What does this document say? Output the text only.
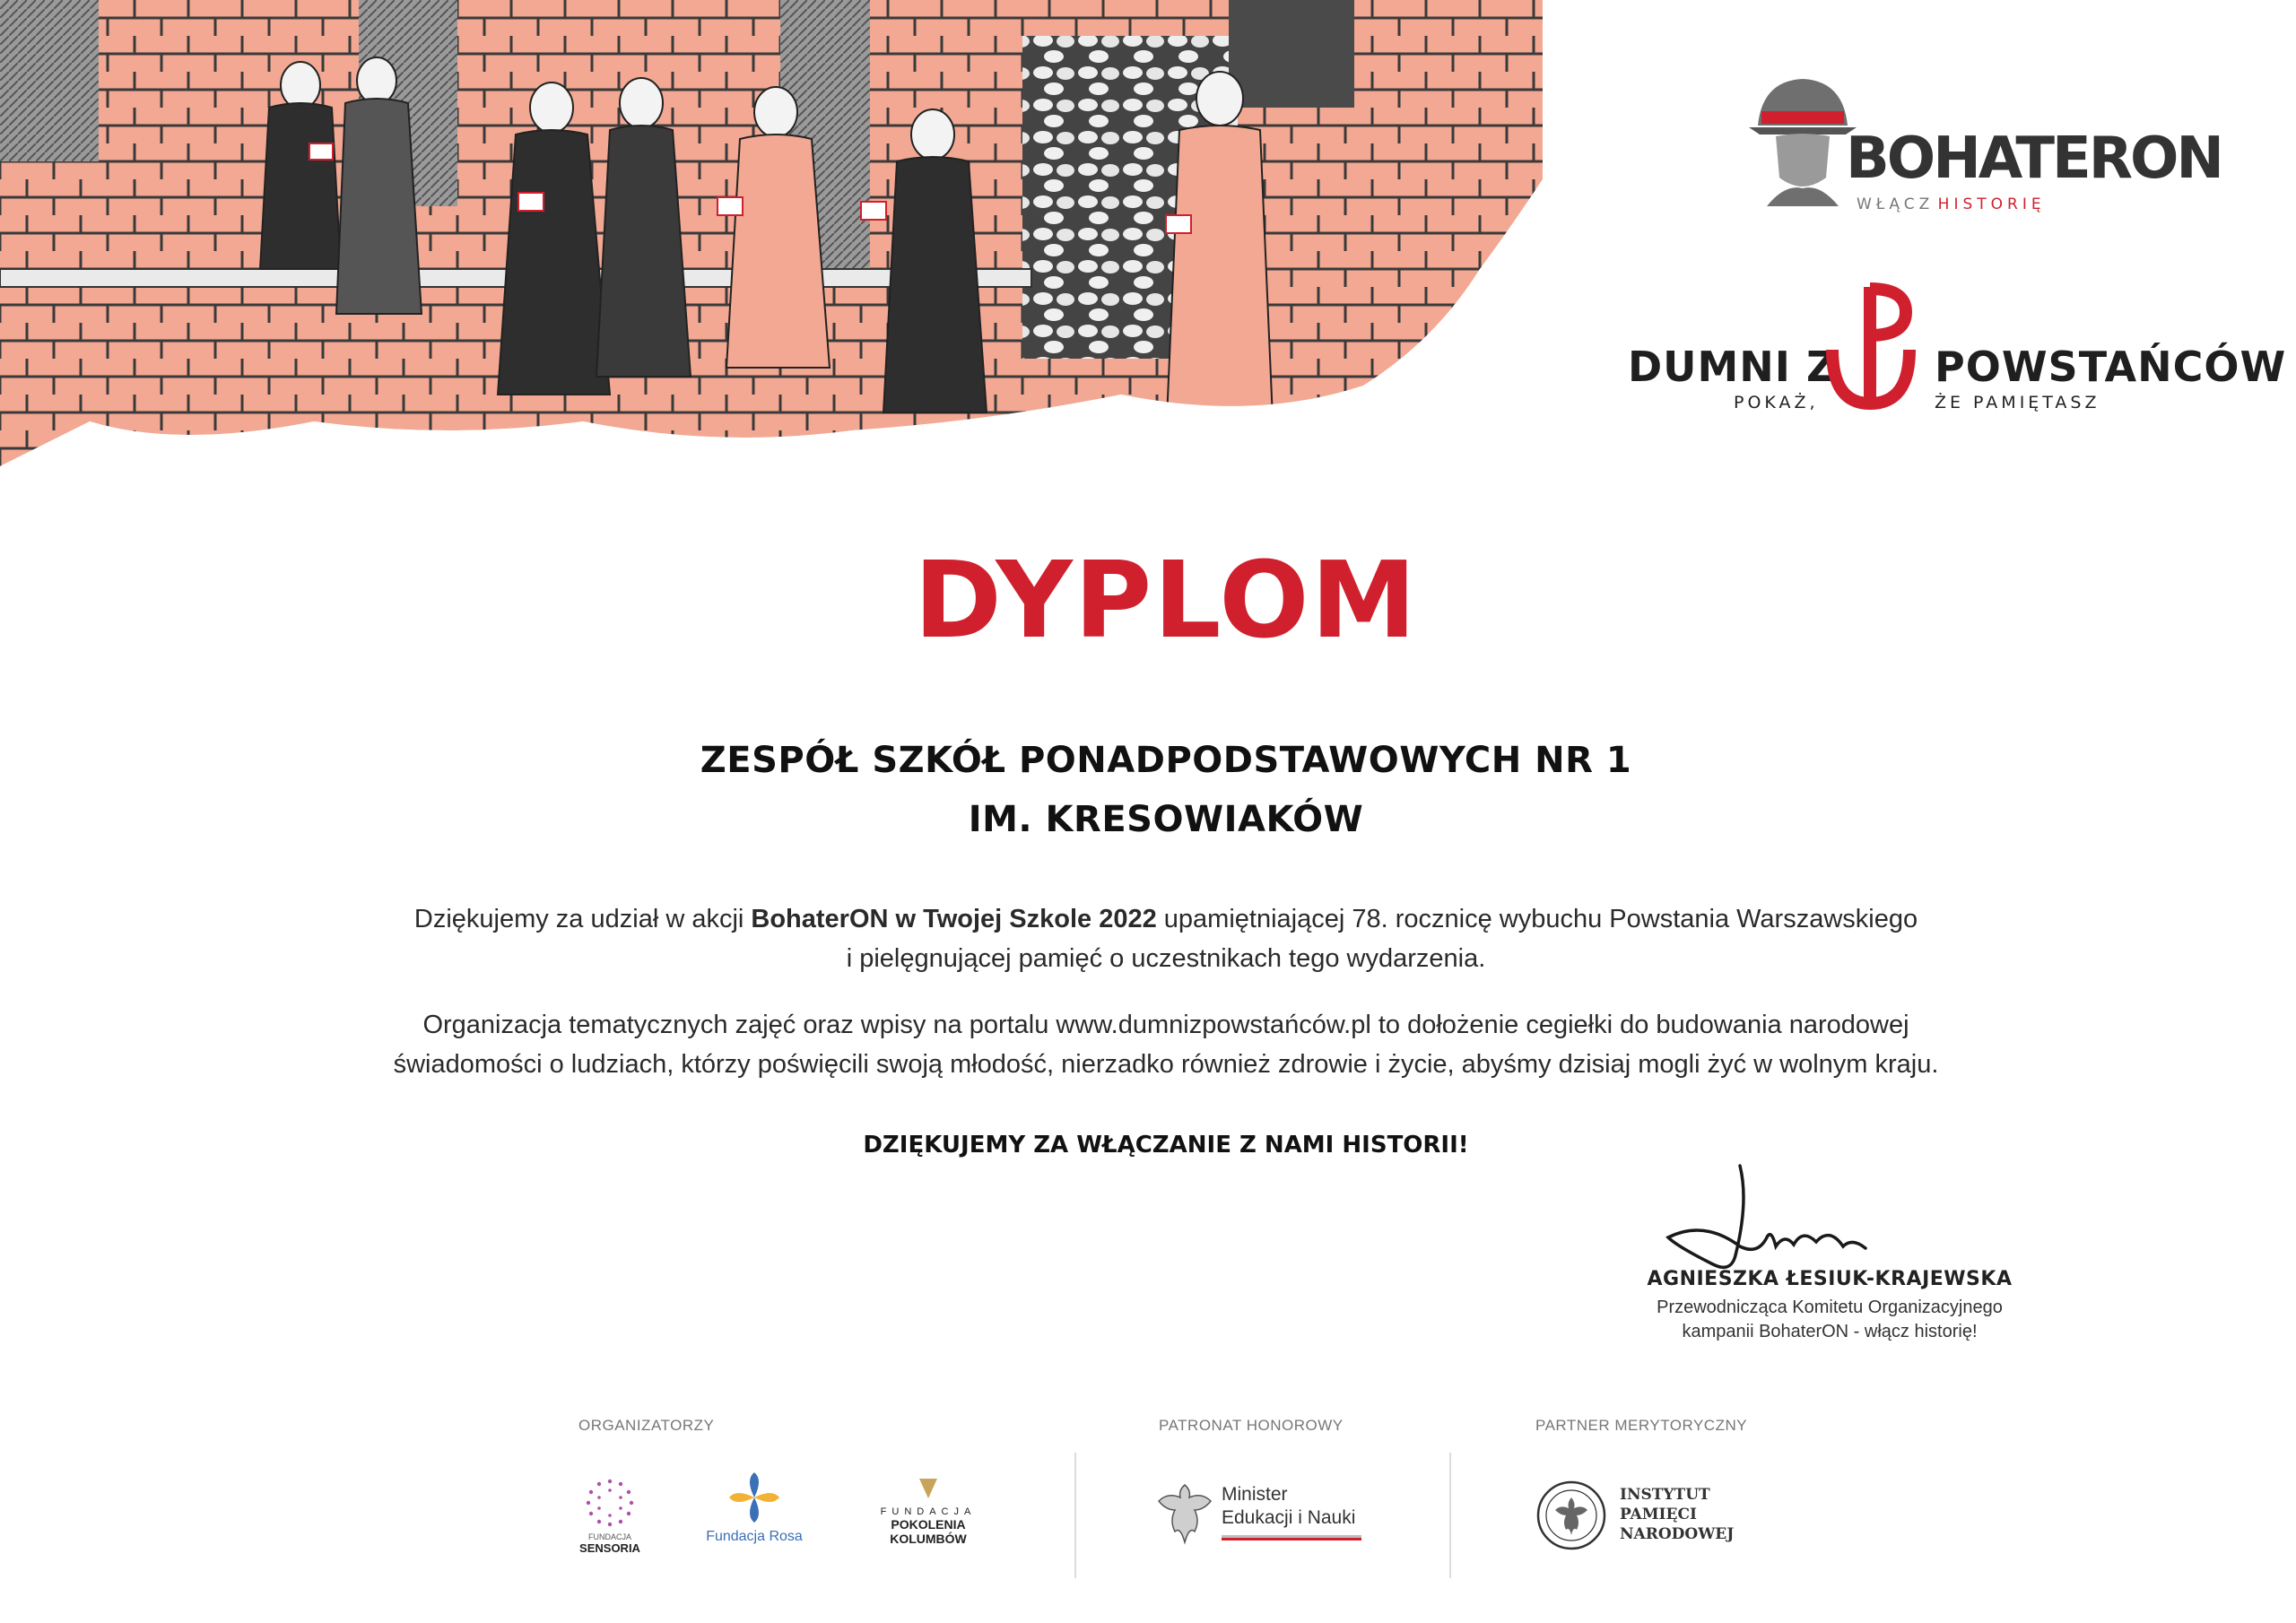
BOHATERON
WŁĄCZ HISTORIĘ
DUMNI Z POWSTAŃCÓW
POKAŻ,	ŻE PAMIĘTASZ
DYPLOM
ZESPÓŁ SZKÓŁ PONADPODSTAWOWYCH NR 1
IM. KRESOWIAKÓW
Dziękujemy za udział w akcji BohaterON w Twojej Szkole 2022 upamiętniającej 78. rocznicę wybuchu Powstania Warszawskiego
i pielęgnującej pamięć o uczestnikach tego wydarzenia.
Organizacja tematycznych zajęć oraz wpisy na portalu www.dumnizpowstańców.pl to dołożenie cegiełki do budowania narodowej
świadomości o ludziach, którzy poświęcili swoją młodość, nierzadko również zdrowie i życie, abyśmy dzisiaj mogli żyć w wolnym kraju.
DZIĘKUJEMY ZA WŁĄCZANIE Z NAMI HISTORII!
AGNIESZKA ŁESIUK-KRAJEWSKA
Przewodnicząca Komitetu Organizacyjnego
kampanii BohaterON - włącz historię!
ORGANIZATORZY	PATRONAT HONOROWY	PARTNER MERYTORYCZNY
FUNDACJA
SENSORIA
Fundacja Rosa
FUNDACJA
POKOLENIA KOLUMBÓW
Minister
Edukacji i Nauki
INSTYTUT
PAMIĘCI
NARODOWEJ
